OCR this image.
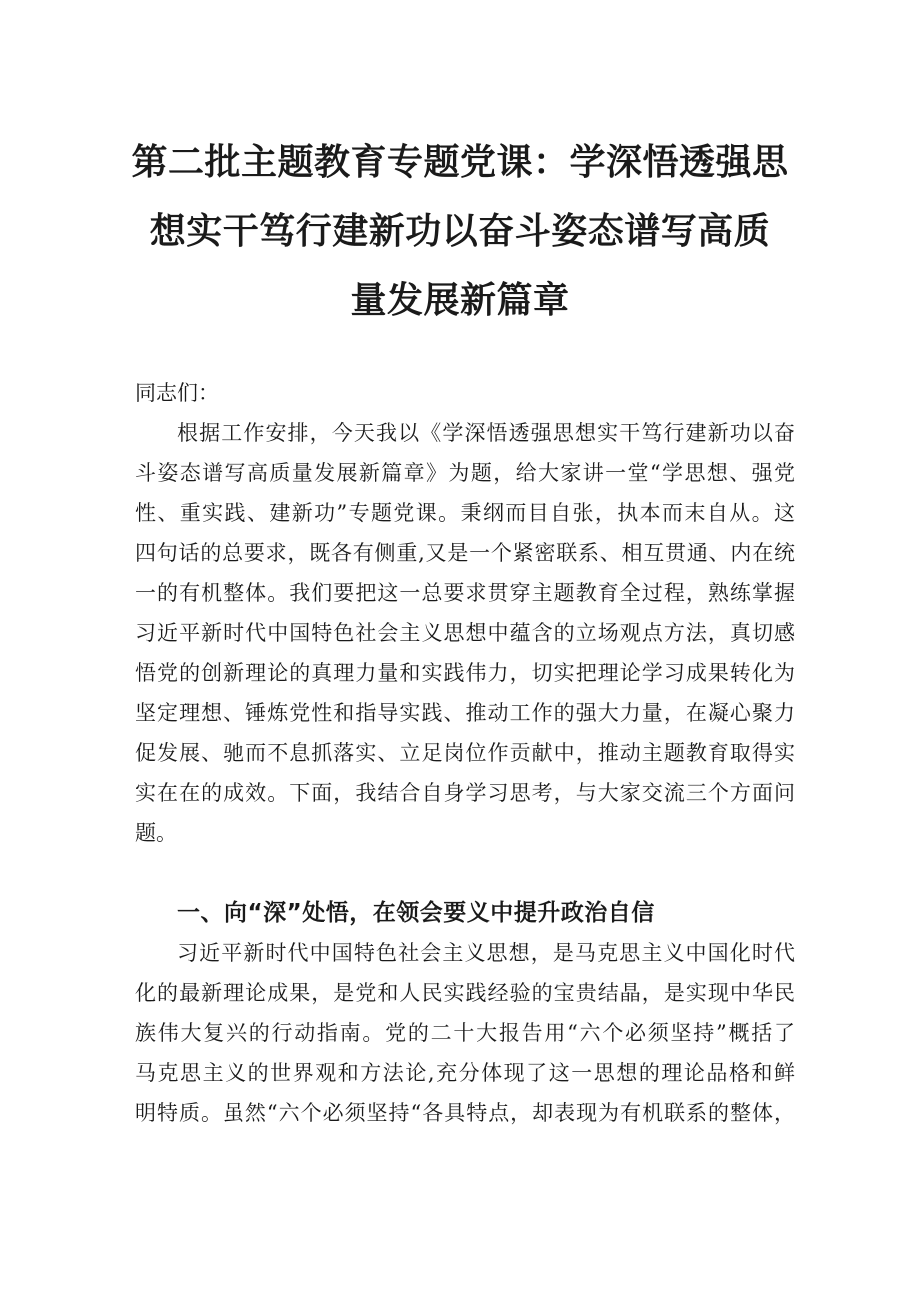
第二批主题教育专题党课：学深悟透强思
想实干笃行建新功以奋斗姿态谱写高质
量发展新篇章
同志们：
根据工作安排，今天我以《学深悟透强思想实干笃行建新功以奋
斗姿态谱写高质量发展新篇章》为题，给大家讲一堂“学思想、强党
性、重实践、建新功”专题党课。秉纲而目自张，执本而末自从。这
四句话的总要求，既各有侧重,又是一个紧密联系、相互贯通、内在统
一的有机整体。我们要把这一总要求贯穿主题教育全过程，熟练掌握
习近平新时代中国特色社会主义思想中蕴含的立场观点方法，真切感
悟党的创新理论的真理力量和实践伟力，切实把理论学习成果转化为
坚定理想、锤炼党性和指导实践、推动工作的强大力量，在凝心聚力
促发展、驰而不息抓落实、立足岗位作贡献中，推动主题教育取得实
实在在的成效。下面，我结合自身学习思考，与大家交流三个方面问
题。
一、向“深”处悟，在领会要义中提升政治自信
习近平新时代中国特色社会主义思想，是马克思主义中国化时代
化的最新理论成果，是党和人民实践经验的宝贵结晶，是实现中华民
族伟大复兴的行动指南。党的二十大报告用“六个必须坚持”概括了
马克思主义的世界观和方法论,充分体现了这一思想的理论品格和鲜
明特质。虽然“六个必须坚持“各具特点，却表现为有机联系的整体，
